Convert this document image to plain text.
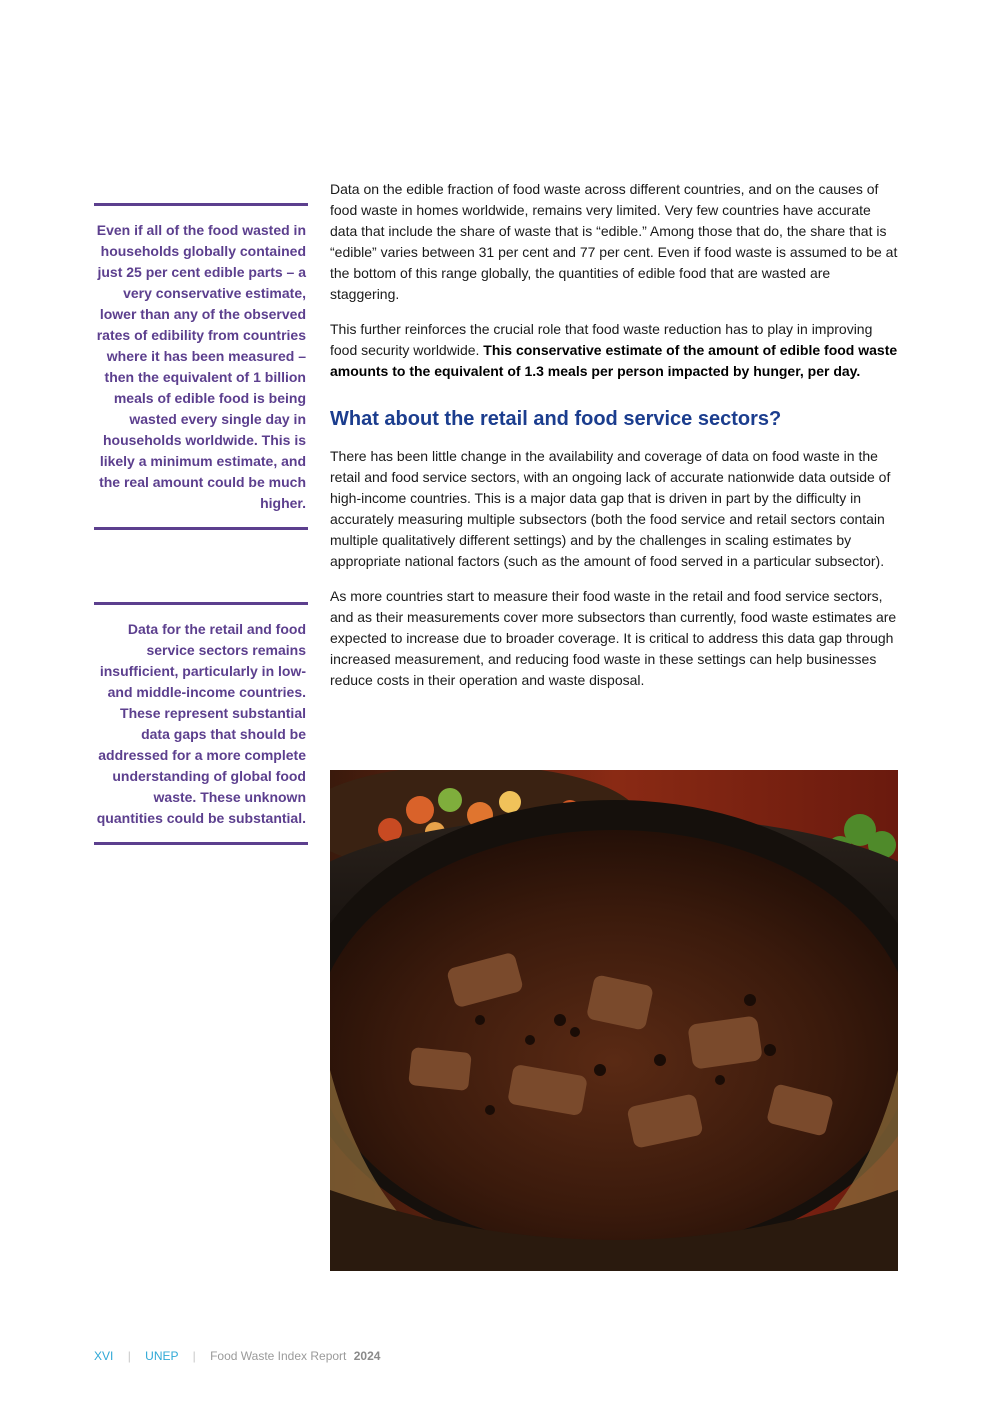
Even if all of the food wasted in households globally contained just 25 per cent edible parts – a very conservative estimate, lower than any of the observed rates of edibility from countries where it has been measured – then the equivalent of 1 billion meals of edible food is being wasted every single day in households worldwide. This is likely a minimum estimate, and the real amount could be much higher.
Data for the retail and food service sectors remains insufficient, particularly in low- and middle-income countries. These represent substantial data gaps that should be addressed for a more complete understanding of global food waste. These unknown quantities could be substantial.

Data on the edible fraction of food waste across different countries, and on the causes of food waste in homes worldwide, remains very limited. Very few countries have accurate data that include the share of waste that is “edible.” Among those that do, the share that is “edible” varies between 31 per cent and 77 per cent. Even if food waste is assumed to be at the bottom of this range globally, the quantities of edible food that are wasted are staggering.

This further reinforces the crucial role that food waste reduction has to play in improving food security worldwide. This conservative estimate of the amount of edible food waste amounts to the equivalent of 1.3 meals per person impacted by hunger, per day.

What about the retail and food service sectors?

There has been little change in the availability and coverage of data on food waste in the retail and food service sectors, with an ongoing lack of accurate nationwide data outside of high-income countries. This is a major data gap that is driven in part by the difficulty in accurately measuring multiple subsectors (both the food service and retail sectors contain multiple qualitatively different settings) and by the challenges in scaling estimates by appropriate national factors (such as the amount of food served in a particular subsector).

As more countries start to measure their food waste in the retail and food service sectors, and as their measurements cover more subsectors than currently, food waste estimates are expected to increase due to broader coverage. It is critical to address this data gap through increased measurement, and reducing food waste in these settings can help businesses reduce costs in their operation and waste disposal.

XVI | UNEP | Food Waste Index Report 2024
